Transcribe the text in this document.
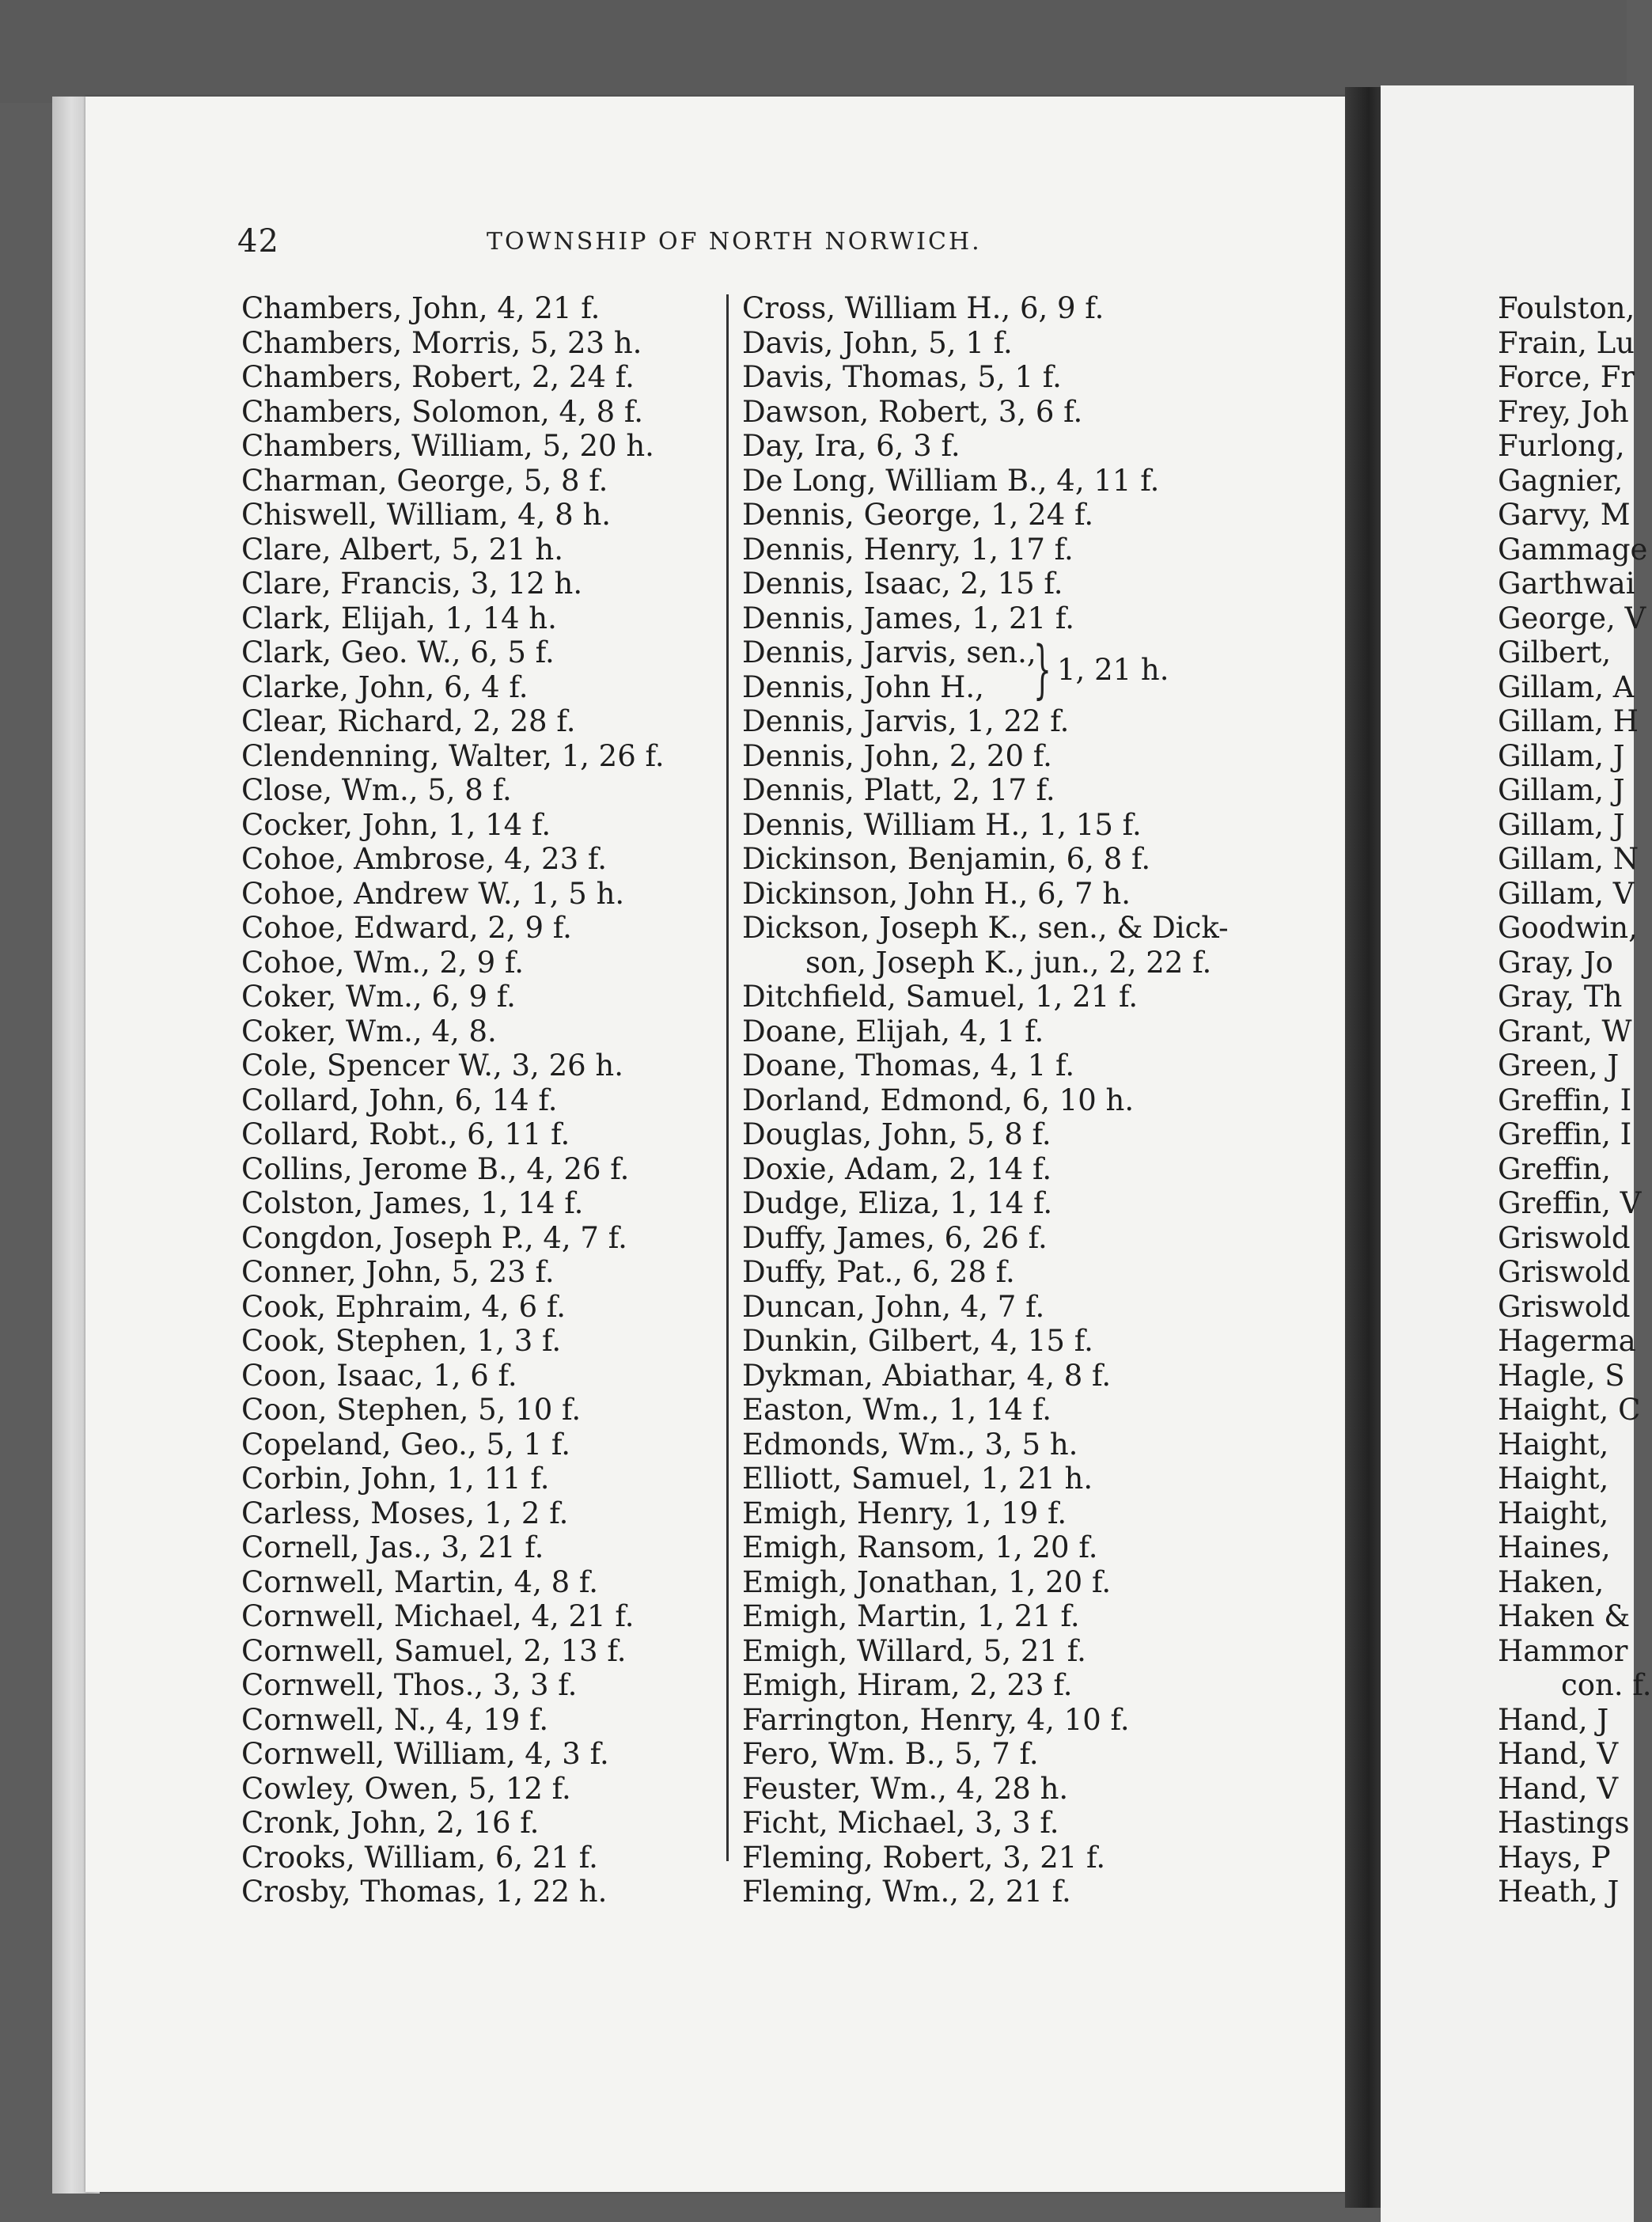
42	TOWNSHIP OF NORTH NORWICH.
Chambers, John, 4, 21 f.
Chambers, Morris, 5, 23 h.
Chambers, Robert, 2, 24 f.
Chambers, Solomon, 4, 8 f.
Chambers, William, 5, 20 h.
Charman, George, 5, 8 f.
Chiswell, William, 4, 8 h.
Clare, Albert, 5, 21 h.
Clare, Francis, 3, 12 h.
Clark, Elijah, 1, 14 h.
Clark, Geo. W., 6, 5 f.
Clarke, John, 6, 4 f.
Clear, Richard, 2, 28 f.
Clendenning, Walter, 1, 26 f.
Close, Wm., 5, 8 f.
Cocker, John, 1, 14 f.
Cohoe, Ambrose, 4, 23 f.
Cohoe, Andrew W., 1, 5 h.
Cohoe, Edward, 2, 9 f.
Cohoe, Wm., 2, 9 f.
Coker, Wm., 6, 9 f.
Coker, Wm., 4, 8.
Cole, Spencer W., 3, 26 h.
Collard, John, 6, 14 f.
Collard, Robt., 6, 11 f.
Collins, Jerome B., 4, 26 f.
Colston, James, 1, 14 f.
Congdon, Joseph P., 4, 7 f.
Conner, John, 5, 23 f.
Cook, Ephraim, 4, 6 f.
Cook, Stephen, 1, 3 f.
Coon, Isaac, 1, 6 f.
Coon, Stephen, 5, 10 f.
Copeland, Geo., 5, 1 f.
Corbin, John, 1, 11 f.
Carless, Moses, 1, 2 f.
Cornell, Jas., 3, 21 f.
Cornwell, Martin, 4, 8 f.
Cornwell, Michael, 4, 21 f.
Cornwell, Samuel, 2, 13 f.
Cornwell, Thos., 3, 3 f.
Cornwell, N., 4, 19 f.
Cornwell, William, 4, 3 f.
Cowley, Owen, 5, 12 f.
Cronk, John, 2, 16 f.
Crooks, William, 6, 21 f.
Crosby, Thomas, 1, 22 h.
Cross, William H., 6, 9 f.
Davis, John, 5, 1 f.
Davis, Thomas, 5, 1 f.
Dawson, Robert, 3, 6 f.
Day, Ira, 6, 3 f.
De Long, William B., 4, 11 f.
Dennis, George, 1, 24 f.
Dennis, Henry, 1, 17 f.
Dennis, Isaac, 2, 15 f.
Dennis, James, 1, 21 f.
Dennis, Jarvis, sen.,
Dennis, John H., } 1, 21 h.
Dennis, Jarvis, 1, 22 f.
Dennis, John, 2, 20 f.
Dennis, Platt, 2, 17 f.
Dennis, William H., 1, 15 f.
Dickinson, Benjamin, 6, 8 f.
Dickinson, John H., 6, 7 h.
Dickson, Joseph K., sen., & Dick-
son, Joseph K., jun., 2, 22 f.
Ditchfield, Samuel, 1, 21 f.
Doane, Elijah, 4, 1 f.
Doane, Thomas, 4, 1 f.
Dorland, Edmond, 6, 10 h.
Douglas, John, 5, 8 f.
Doxie, Adam, 2, 14 f.
Dudge, Eliza, 1, 14 f.
Duffy, James, 6, 26 f.
Duffy, Pat., 6, 28 f.
Duncan, John, 4, 7 f.
Dunkin, Gilbert, 4, 15 f.
Dykman, Abiathar, 4, 8 f.
Easton, Wm., 1, 14 f.
Edmonds, Wm., 3, 5 h.
Elliott, Samuel, 1, 21 h.
Emigh, Henry, 1, 19 f.
Emigh, Ransom, 1, 20 f.
Emigh, Jonathan, 1, 20 f.
Emigh, Martin, 1, 21 f.
Emigh, Willard, 5, 21 f.
Emigh, Hiram, 2, 23 f.
Farrington, Henry, 4, 10 f.
Fero, Wm. B., 5, 7 f.
Feuster, Wm., 4, 28 h.
Ficht, Michael, 3, 3 f.
Fleming, Robert, 3, 21 f.
Fleming, Wm., 2, 21 f.
Foulston,
Frain, Lu
Force, Fr
Frey, Joh
Furlong,
Gagnier,
Garvy, M
Gammage
Garthwai
George, V
Gilbert,
Gillam, A
Gillam, H
Gillam, J
Gillam, J
Gillam, J
Gillam, N
Gillam, V
Goodwin,
Gray, Jo
Gray, Th
Grant, W
Green, J
Greffin, I
Greffin, I
Greffin,
Greffin, V
Griswold
Griswold
Griswold
Hagerma
Hagle, S
Haight, C
Haight,
Haight,
Haight,
Haines,
Haken,
Haken &
Hammor
con. f.
Hand, J
Hand, V
Hand, V
Hastings
Hays, P
Heath, J
